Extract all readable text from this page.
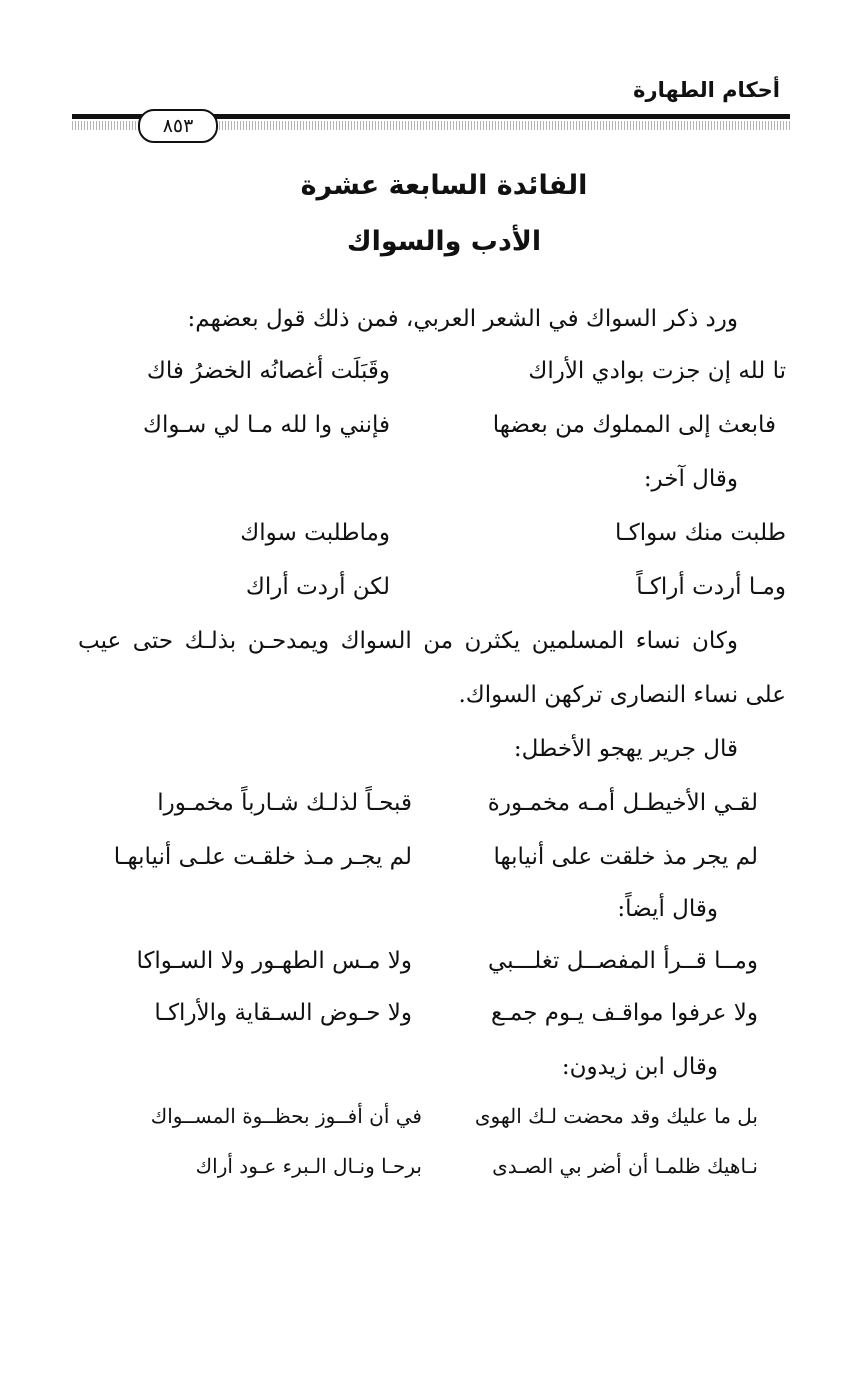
أحكام الطهارة
٨٥٣
الفائدة السابعة عشرة
الأدب والسواك
ورد ذكر السواك في الشعر العربي، فمن ذلك قول بعضهم:
تا لله إن جزت بوادي الأراك
وقَبَلَت أغصانُه الخضرُ فاك
فابعث إلى المملوك من بعضها
فإنني وا لله مـا لي سـواك
وقال آخر:
طلبت منك سواكـا
وماطلبت سواك
ومـا أردت أراكـاً
لكن أردت أراك
وكان نساء المسلمين يكثرن من السواك ويمدحـن بذلـك حتى عيب
على نساء النصارى تركهن السواك.
قال جرير يهجو الأخطل:
لقـي الأخيطـل أمـه مخمـورة
قبحـاً لذلـك شـارباً مخمـورا
لم يجر مذ خلقت على أنيابها
لم يجـر مـذ خلقـت علـى أنيابهـا
وقال أيضاً:
ومــا قــرأ المفصــل تغلـــبي
ولا مـس الطهـور ولا السـواكا
ولا عرفوا مواقـف يـوم جمـع
ولا حـوض السـقاية والأراكـا
وقال ابن زيدون:
بل ما عليك وقد محضت لـك الهوى
في أن أفــوز بحظــوة المســواك
نـاهيك ظلمـا أن أضر بي الصـدى
برحـا ونـال الـبرء عـود أراك
